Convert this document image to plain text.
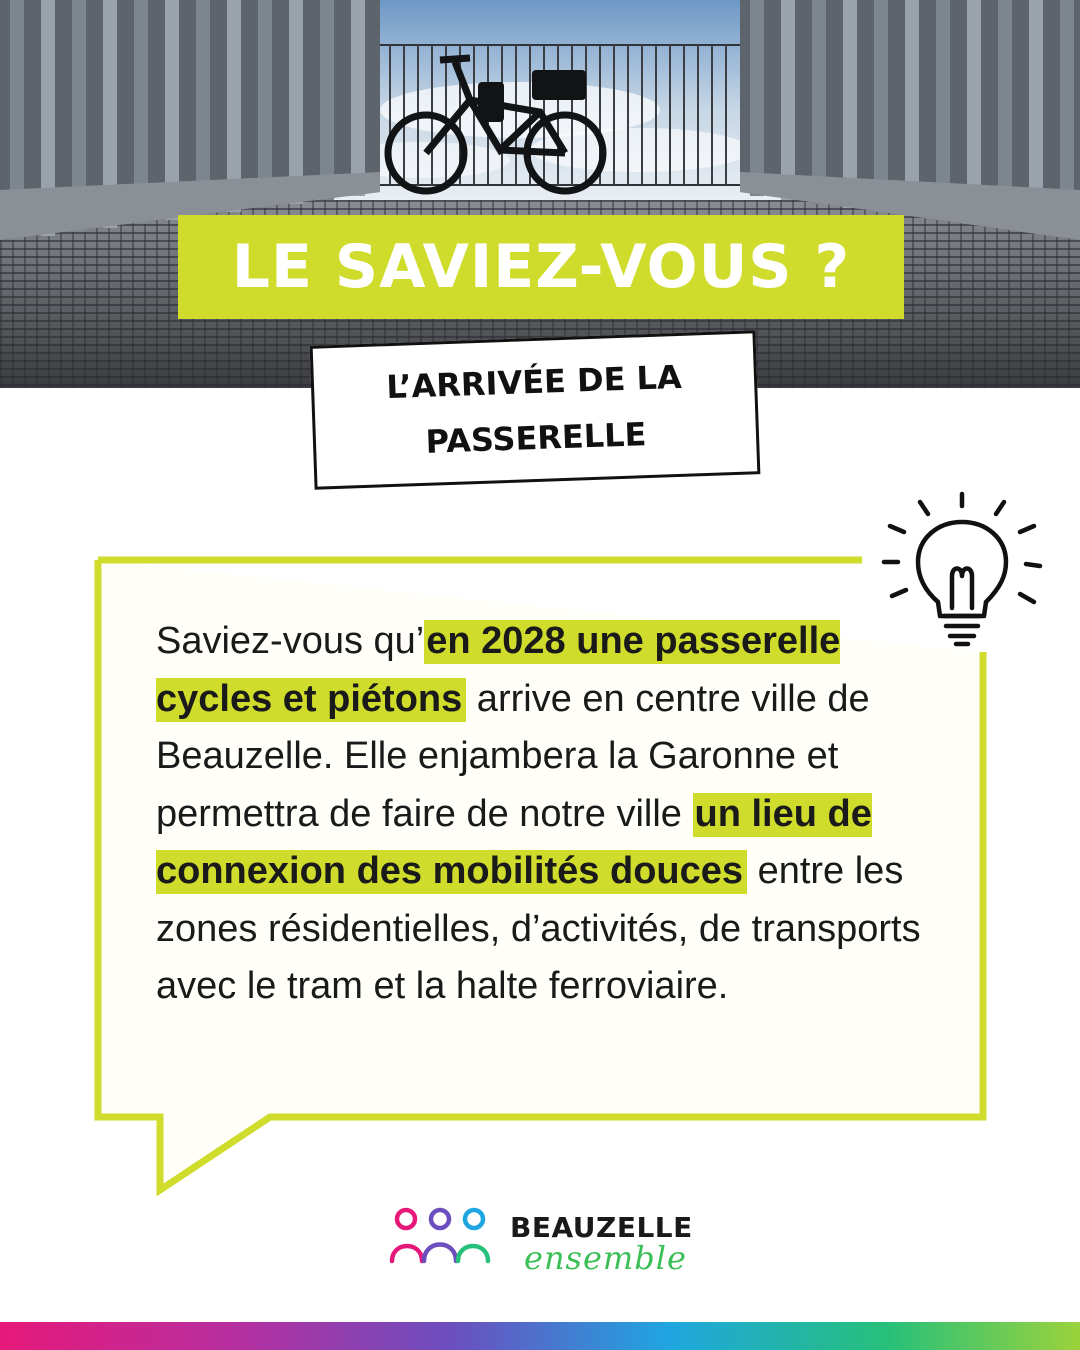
LE SAVIEZ-VOUS ?
L’ARRIVÉE DE LA
PASSERELLE
Saviez-vous qu’en 2028 une passerelle cycles et piétons arrive en centre ville de Beauzelle. Elle enjambera la Garonne et permettra de faire de notre ville un lieu de connexion des mobilités douces entre les zones résidentielles, d’activités, de transports avec le tram et la halte ferroviaire.
BEAUZELLE
ensemble
